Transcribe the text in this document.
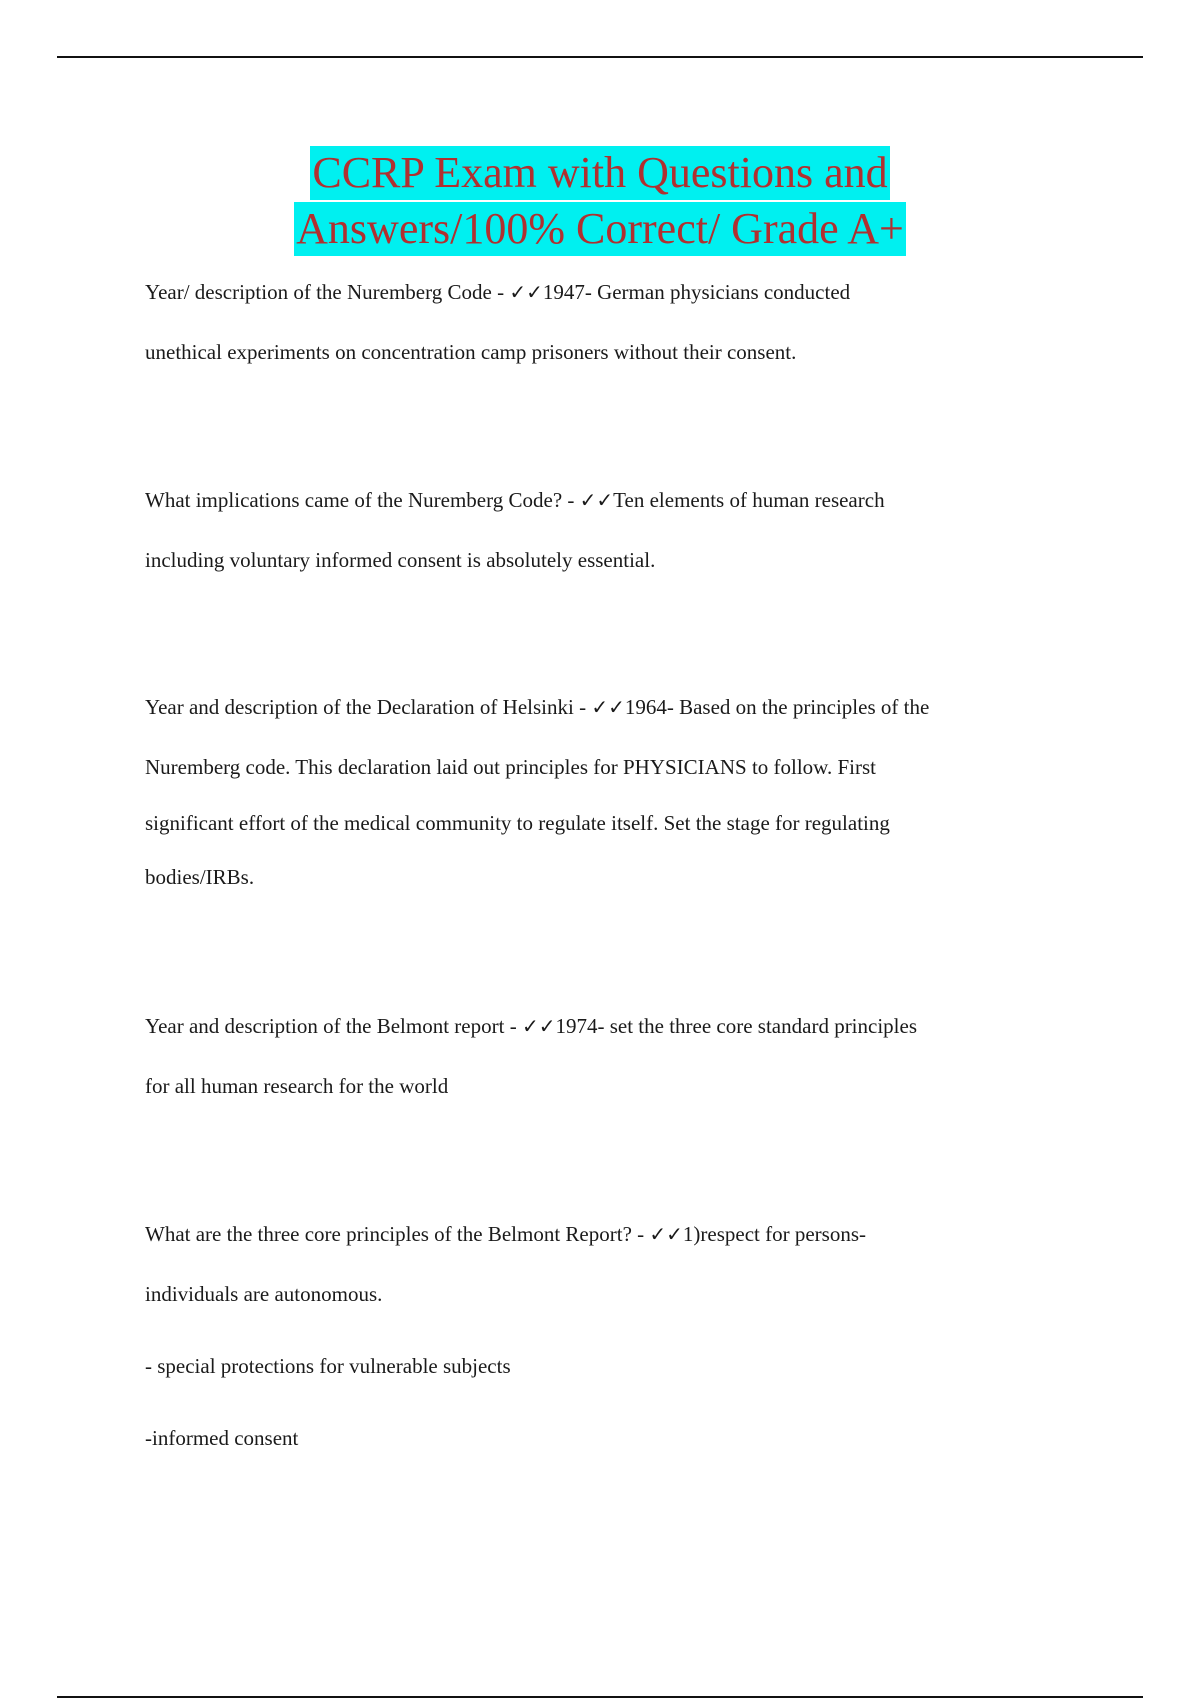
CCRP Exam with Questions and
Answers/100% Correct/ Grade A+
Year/ description of the Nuremberg Code - ✓✓1947- German physicians conducted
unethical experiments on concentration camp prisoners without their consent.
What implications came of the Nuremberg Code? - ✓✓Ten elements of human research
including voluntary informed consent is absolutely essential.
Year and description of the Declaration of Helsinki - ✓✓1964- Based on the principles of the
Nuremberg code. This declaration laid out principles for PHYSICIANS to follow. First
significant effort of the medical community to regulate itself. Set the stage for regulating
bodies/IRBs.
Year and description of the Belmont report - ✓✓1974- set the three core standard principles
for all human research for the world
What are the three core principles of the Belmont Report? - ✓✓1)respect for persons-
individuals are autonomous.
- special protections for vulnerable subjects
-informed consent
